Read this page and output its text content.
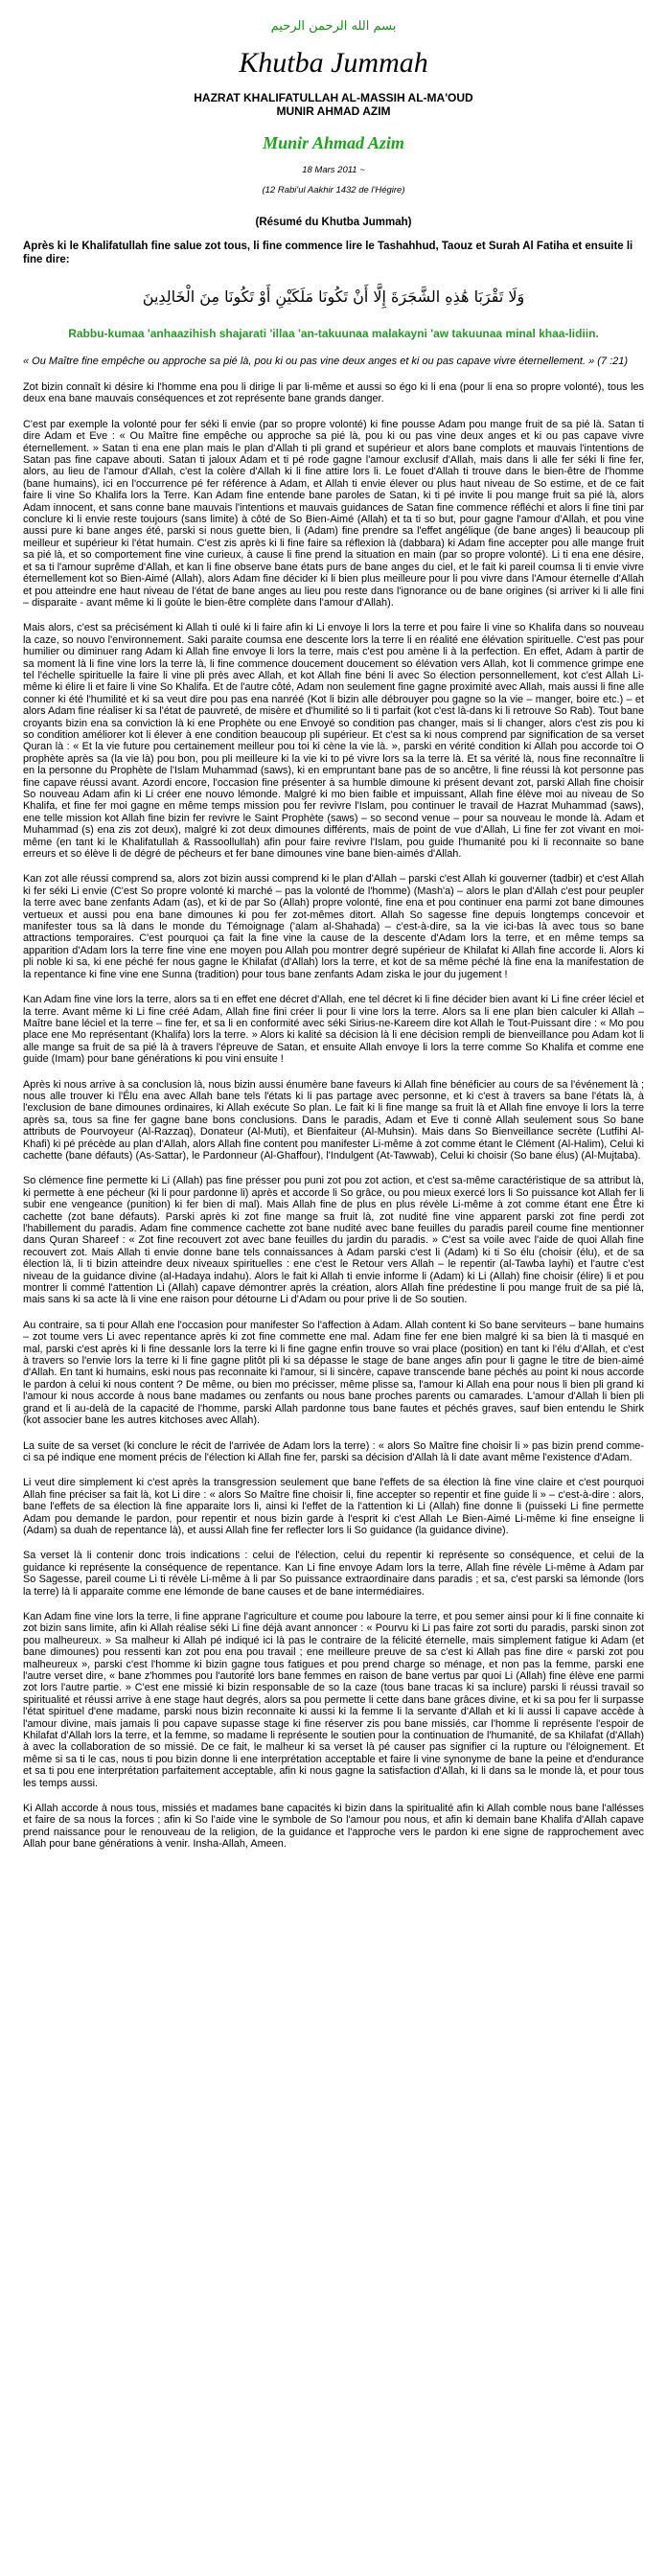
بسم الله الرحمن الرحيم
Khutba Jummah
HAZRAT KHALIFATULLAH AL-MASSIH AL-MA'OUD
MUNIR AHMAD AZIM
Munir Ahmad Azim
18 Mars 2011 ~
(12 Rabi'ul Aakhir 1432 de l'Hégire)
(Résumé du Khutba Jummah)
Après ki le Khalifatullah fine salue zot tous, li fine commence lire le Tashahhud, Taouz et Surah Al Fatiha et ensuite li fine dire:
وَلَا تَقْرَبَا هَٰذِهِ الشَّجَرَةَ إِلَّا أَنْ تَكُونَا مَلَكَيْنِ أَوْ تَكُونَا مِنَ الْخَالِدِينَ
Rabbu-kumaa 'anhaazihish shajarati 'illaa 'an-takuunaa malakayni 'aw takuunaa minal khaa-lidiin.
« Ou Maître fine empêche ou approche sa pié là, pou ki ou pas vine deux anges et ki ou pas capave vivre éternellement. » (7 :21)

Zot bizin connaît ki désire ki l'homme ena pou li dirige li par li-même et aussi so égo ki li ena (pour li ena so propre volonté), tous les deux ena bane mauvais conséquences et zot représente bane grands danger.

C'est par exemple la volonté pour fer séki li envie (par so propre volonté) ki fine pousse Adam pou mange fruit de sa pié là. Satan ti dire Adam et Eve : « Ou Maître fine empêche ou approche sa pié là, pou ki ou pas vine deux anges et ki ou pas capave vivre éternellement. » Satan ti ena ene plan mais le plan d'Allah ti pli grand et supérieur et alors bane complots et mauvais l'intentions de Satan pas fine capave abouti. Satan ti jaloux Adam et ti pé rode gagne l'amour exclusif d'Allah, mais dans li alle fer séki li fine fer, alors, au lieu de l'amour d'Allah, c'est la colère d'Allah ki li fine attire lors li. Le fouet d'Allah ti trouve dans le bien-être de l'homme (bane humains), ici en l'occurrence pé fer référence à Adam, et Allah ti envie élever ou plus haut niveau de So estime, et de ce fait faire li vine So Khalifa lors la Terre. Kan Adam fine entende bane paroles de Satan, ki ti pé invite li pou mange fruit sa pié là, alors Adam innocent, et sans conne bane mauvais l'intentions et mauvais guidances de Satan fine commence réfléchi et alors li fine tini par conclure ki li envie reste toujours (sans limite) à côté de So Bien-Aimé (Allah) et ta ti so but, pour gagne l'amour d'Allah, et pou vine aussi pure ki bane anges été, parski si nous guette bien, li (Adam) fine prendre sa l'effet angélique (de bane anges) li beaucoup pli meilleur et supérieur ki l'état humain. C'est zis après ki li fine faire sa réflexion là (dabbara) ki Adam fine accepter pou alle mange fruit sa pié là, et so comportement fine vine curieux, à cause li fine prend la situation en main (par so propre volonté). Li ti ena ene désire, et sa ti l'amour suprême d'Allah, et kan li fine observe bane états purs de bane anges du ciel, et le fait ki pareil coumsa li ti envie vivre éternellement kot so Bien-Aimé (Allah), alors Adam fine décider ki li bien plus meilleure pour li pou vivre dans l'Amour éternelle d'Allah et pou atteindre ene haut niveau de l'état de bane anges au lieu pou reste dans l'ignorance ou de bane origines (si arriver ki li alle fini – disparaite - avant même ki li goûte le bien-être complète dans l'amour d'Allah).

Mais alors, c'est sa précisément ki Allah ti oulé ki li faire afin ki Li envoye li lors la terre et pou faire li vine so Khalifa dans so nouveau la caze, so nouvo l'environnement. Saki paraite coumsa ene descente lors la terre li en réalité ene élévation spirituelle. C'est pas pour humilier ou diminuer rang Adam ki Allah fine envoye li lors la terre, mais c'est pou amène li à la perfection. En effet, Adam à partir de sa moment là li fine vine lors la terre là, li fine commence doucement doucement so élévation vers Allah, kot li commence grimpe ene tel l'échelle spirituelle la faire li vine pli près avec Allah, et kot Allah fine béni li avec So élection personnellement, kot c'est Allah Li-même ki élire li et faire li vine So Khalifa. Et de l'autre côté, Adam non seulement fine gagne proximité avec Allah, mais aussi li fine alle conner ki été l'humilité et ki sa veut dire pou pas ena nanréé (Kot li bizin alle débrouyer pou gagne so la vie – manger, boire etc.) – et alors Adam fine réaliser ki sa l'état de pauvreté, de misère et d'humilité so li ti parfait (kot c'est là-dans ki li retrouve So Rab). Tout bane croyants bizin ena sa conviction là ki ene Prophète ou ene Envoyé so condition pas changer, mais si li changer, alors c'est zis pou ki so condition améliorer kot li élever à ene condition beaucoup pli supérieur. Et c'est sa ki nous comprend par signification de sa verset Quran là : « Et la vie future pou certainement meilleur pou toi ki cène la vie là. », parski en vérité condition ki Allah pou accorde toi O prophète après sa (la vie là) pou bon, pou pli meilleure ki la vie ki to pé vivre lors sa la terre là. Et sa vérité là, nous fine reconnaître li en la personne du Prophète de l'Islam Muhammad (saws), ki en empruntant bane pas de so ancêtre, li fine réussi là kot personne pas fine capave réussi avant. Azordi encore, l'occasion fine présenter à sa humble dimoune ki présent devant zot, parski Allah fine choisir So nouveau Adam afin ki Li créer ene nouvo lémonde. Malgré ki mo bien faible et impuissant, Allah fine élève moi au niveau de So Khalifa, et fine fer moi gagne en même temps mission pou fer revivre l'Islam, pou continuer le travail de Hazrat Muhammad (saws), ene telle mission kot Allah fine bizin fer revivre le Saint Prophète (saws) – so second venue – pour sa nouveau le monde là. Adam et Muhammad (s) ena zis zot deux), malgré ki zot deux dimounes différents, mais de point de vue d'Allah, Li fine fer zot vivant en moi-même (en tant ki le Khalifatullah & Rassoollullah) afin pour faire revivre l'Islam, pou guide l'humanité pou ki li reconnaite so bane erreurs et so élève li de dégré de pécheurs et fer bane dimounes vine bane bien-aimés d'Allah.

Kan zot alle réussi comprend sa, alors zot bizin aussi comprend ki le plan d'Allah – parski c'est Allah ki gouverner (tadbir) et c'est Allah ki fer séki Li envie (C'est So propre volonté ki marché – pas la volonté de l'homme) (Mash'a) – alors le plan d'Allah c'est pour peupler la terre avec bane zenfants Adam (as), et ki de par So (Allah) propre volonté, fine ena et pou continuer ena parmi zot bane dimounes vertueux et aussi pou ena bane dimounes ki pou fer zot-mêmes ditort. Allah So sagesse fine depuis longtemps concevoir et manifester tous sa là dans le monde du Témoignage ('alam al-Shahada) – c'est-à-dire, sa la vie ici-bas là avec tous so bane attractions temporaires. C'est pourquoi ça fait la fine vine la cause de la descente d'Adam lors la terre, et en même temps sa apparition d'Adam lors la terre fine vine ene moyen pou Allah pou montrer degré supérieur de Khilafat ki Allah fine accorde li. Alors ki pli noble ki sa, ki ene péché fer nous gagne le Khilafat (d'Allah) lors la terre, et kot de sa même péché là fine ena la manifestation de la repentance ki fine vine ene Sunna (tradition) pour tous bane zenfants Adam ziska le jour du jugement !

Kan Adam fine vine lors la terre, alors sa ti en effet ene décret d'Allah, ene tel décret ki li fine décider bien avant ki Li fine créer léciel et la terre. Avant même ki Li fine créé Adam, Allah fine fini créer li pour li vine lors la terre. Alors sa li ene plan bien calculer ki Allah – Maître bane léciel et la terre – fine fer, et sa li en conformité avec séki Sirius-ne-Kareem dire kot Allah le Tout-Puissant dire : « Mo pou place ene Mo représentant (Khalifa) lors la terre. » Alors ki kalité sa décision là li ene décision rempli de bienveillance pou Adam kot li alle mange sa fruit de sa pié là à travers l'épreuve de Satan, et ensuite Allah envoye li lors la terre comme So Khalifa et comme ene guide (Imam) pour bane générations ki pou vini ensuite !

Après ki nous arrive à sa conclusion là, nous bizin aussi énumère bane faveurs ki Allah fine bénéficier au cours de sa l'événement là ; nous alle trouver ki l'Élu ena avec Allah bane tels l'états ki li pas partage avec personne, et ki c'est à travers sa bane l'états là, à l'exclusion de bane dimounes ordinaires, ki Allah exécute So plan. Le fait ki li fine mange sa fruit là et Allah fine envoye li lors la terre après sa, tous sa fine fer gagne bane bons conclusions. Dans le paradis, Adam et Eve ti connè Allah seulement sous So bane attributs de Pourvoyeur (Al-Razzaq), Donateur (Al-Muti), et Bienfaiteur (Al-Muhsin). Mais dans So Bienveillance secrète (Lutfihi Al-Khafi) ki pé précède au plan d'Allah, alors Allah fine content pou manifester Li-même à zot comme étant le Clément (Al-Halim), Celui ki cachette (bane défauts) (As-Sattar), le Pardonneur (Al-Ghaffour), l'Indulgent (At-Tawwab), Celui ki choisir (So bane élus) (Al-Mujtaba).

So clémence fine permette ki Li (Allah) pas fine présser pou puni zot pou zot action, et c'est sa-même caractéristique de sa attribut là, ki permette à ene pécheur (ki li pour pardonne li) après et accorde li So grâce, ou pou mieux exercé lors li So puissance kot Allah fer li subir ene vengeance (punition) ki fer bien di mal). Mais Allah fine de plus en plus révèle Li-même à zot comme étant ene Être ki cachette (zot bane défauts). Parski après ki zot fine mange sa fruit là, zot nudité fine vine apparent parski zot fine perdi zot l'habillement du paradis. Adam fine commence cachette zot bane nudité avec bane feuilles du paradis pareil coume fine mentionner dans Quran Shareef : « Zot fine recouvert zot avec bane feuilles du jardin du paradis. » C'est sa voile avec l'aide de quoi Allah fine recouvert zot. Mais Allah ti envie donne bane tels connaissances à Adam parski c'est li (Adam) ki ti So élu (choisir (élu), et de sa élection là, li ti bizin atteindre deux niveaux spirituelles : ene c'est le Retour vers Allah – le repentir (al-Tawba layhi) et l'autre c'est niveau de la guidance divine (al-Hadaya indahu). Alors le fait ki Allah ti envie informe li (Adam) ki Li (Allah) fine choisir (élire) li et pou montrer li commé l'attention Li (Allah) capave démontrer après la création, alors Allah fine prédestine li pou mange fruit de sa pié là, mais sans ki sa acte là li vine ene raison pour détourne Li d'Adam ou pour prive li de So soutien.

Au contraire, sa ti pour Allah ene l'occasion pour manifester So l'affection à Adam. Allah content ki So bane serviteurs – bane humains – zot toume vers Li avec repentance après ki zot fine commette ene mal. Adam fine fer ene bien malgré ki sa bien là ti masqué en mal, parski c'est après ki li fine dessanle lors la terre ki li fine gagne enfin trouve so vrai place (position) en tant ki l'élu d'Allah, et c'est à travers so l'envie lors la terre ki li fine gagne plitôt pli ki sa dépasse le stage de bane anges afin pour li gagne le titre de bien-aimé d'Allah. En tant ki humains, eski nous pas reconnaite ki l'amour, si li sincère, capave transcende bane péchés au point ki nous accorde le pardon à celui ki nous content ? De même, ou bien mo précisser, même plisse sa, l'amour ki Allah ena pour nous li bien pli grand ki l'amour ki nous accorde à nous bane madames ou zenfants ou nous bane proches parents ou camarades. L'amour d'Allah li bien pli grand et li au-delà de la capacité de l'homme, parski Allah pardonne tous bane fautes et péchés graves, sauf bien entendu le Shirk (kot associer bane les autres kitchoses avec Allah).

La suite de sa verset (ki conclure le récit de l'arrivée de Adam lors la terre) : « alors So Maître fine choisir li » pas bizin prend comme-ci sa pé indique ene moment précis de l'élection ki Allah fine fer, parski sa décision d'Allah là li date avant même l'existence d'Adam.

Li veut dire simplement ki c'est après la transgression seulement que bane l'effets de sa élection là fine vine claire et c'est pourquoi Allah fine préciser sa fait là, kot Li dire : « alors So Maître fine choisir li, fine accepter so repentir et fine guide li » – c'est-à-dire : alors, bane l'effets de sa élection là fine apparaite lors li, ainsi ki l'effet de la l'attention ki Li (Allah) fine donne li (puisseki Li fine permette Adam pou demande le pardon, pour repentir et nous bizin garde à l'esprit ki c'est Allah Le Bien-Aimé Li-même ki fine enseigne li (Adam) sa duah de repentance là), et aussi Allah fine fer reflecter lors li So guidance (la guidance divine).

Sa verset là li contenir donc trois indications : celui de l'élection, celui du repentir ki représente so conséquence, et celui de la guidance ki représente la conséquence de repentance. Kan Li fine envoye Adam lors la terre, Allah fine révèle Li-même à Adam par So Sagesse, pareil coume Li ti révèle Li-même à li par So puissance extraordinaire dans paradis ; et sa, c'est parski sa lémonde (lors la terre) là li apparaite comme ene lémonde de bane causes et de bane intermédiaires.

Kan Adam fine vine lors la terre, li fine apprane l'agriculture et coume pou laboure la terre, et pou semer ainsi pour ki li fine connaite ki zot bizin sans limite, afin ki Allah réalise séki Li fine déjà avant annoncer : « Pourvu ki Li pas faire zot sorti du paradis, parski sinon zot pou malheureux. » Sa malheur ki Allah pé indiqué ici là pas le contraire de la félicité éternelle, mais simplement fatigue ki Adam (et bane dimounes) pou ressenti kan zot pou ena pou travail ; ene meilleure preuve de sa c'est ki Allah pas fine dire « parski zot pou malheureux », parski c'est l'homme ki bizin gagne tous fatigues et pou prend charge so ménage, et non pas la femme, parski ene l'autre verset dire, « bane z'hommes pou l'autorité lors bane femmes en raison de bane vertus par quoi Li (Allah) fine élève ene parmi zot lors l'autre partie. » C'est ene missié ki bizin responsable de so la caze (tous bane tracas ki sa inclure) parski li réussi travail so spiritualité et réussi arrive à ene stage haut degrés, alors sa pou permette li cette dans bane grâces divine, et ki sa pou fer li surpasse l'état spirituel d'ene madame, parski nous bizin reconnaite ki aussi ki la femme li la servante d'Allah et ki li aussi li capave accède à l'amour divine, mais jamais li pou capave supasse stage ki fine réserver zis pou bane missiés, car l'homme li représente l'espoir de Khilafat d'Allah lors la terre, et la femme, so madame li représente le soutien pour la continuation de l'humanité, de sa Khilafat (d'Allah) à avec la collaboration de so missié. De ce fait, le malheur ki sa verset là pé causer pas signifier ci la rupture ou l'éloignement. Et même si sa ti le cas, nous ti pou bizin donne li ene interprétation acceptable et faire li vine synonyme de bane la peine et d'endurance et sa ti pou ene interprétation parfaitement acceptable, afin ki nous gagne la satisfaction d'Allah, ki li dans sa le monde là, et pour tous les temps aussi.

Ki Allah accorde à nous tous, missiés et madames bane capacités ki bizin dans la spiritualité afin ki Allah comble nous bane l'allésses et faire de sa nous la forces ; afin ki So l'aide vine le symbole de So l'amour pou nous, et afin ki demain bane Khalifa d'Allah capave prend naissance pour le renouveau de la religion, de la guidance et l'approche vers le pardon ki ene signe de rapprochement avec Allah pour bane générations à venir. Insha-Allah, Ameen.
